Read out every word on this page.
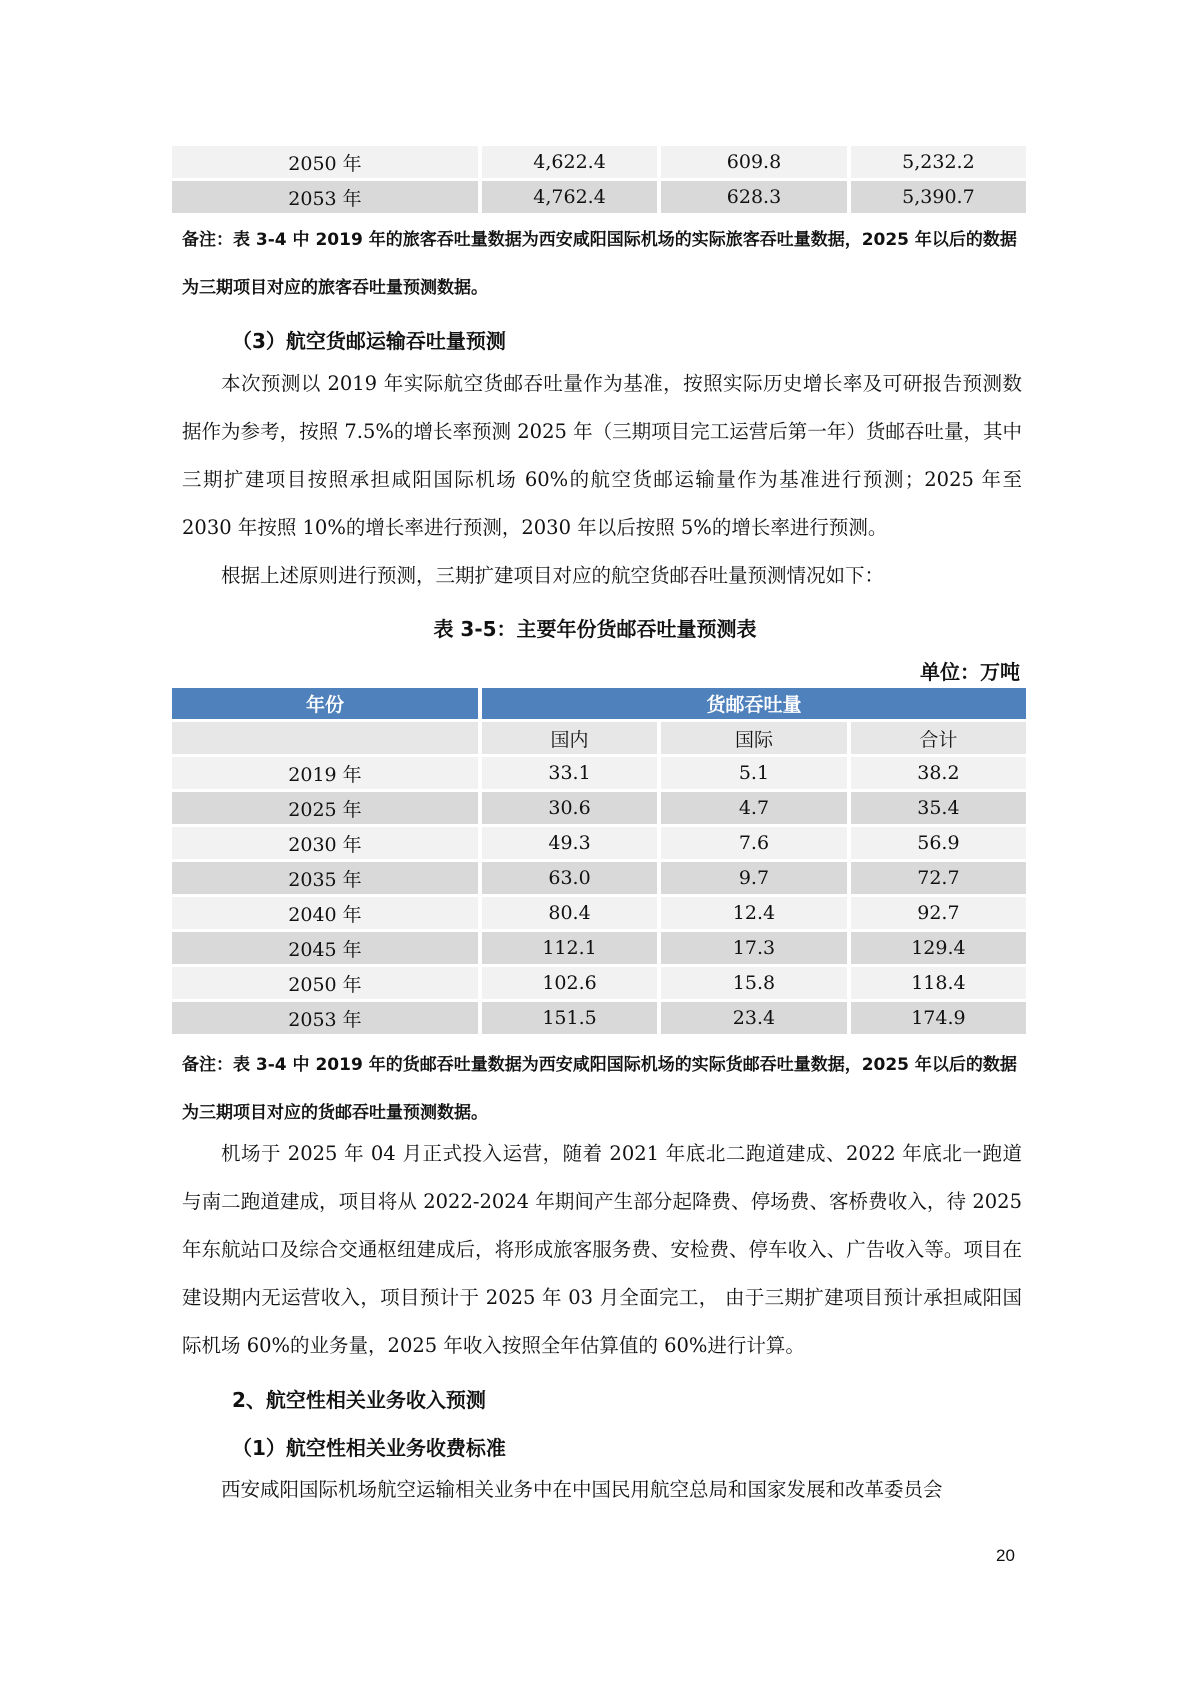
2050 年	4,622.4	609.8	5,232.2
2053 年	4,762.4	628.3	5,390.7
备注：表 3-4 中 2019 年的旅客吞吐量数据为西安咸阳国际机场的实际旅客吞吐量数据，2025 年以后的数据为三期项目对应的旅客吞吐量预测数据。
（3）航空货邮运输吞吐量预测

本次预测以 2019 年实际航空货邮吞吐量作为基准，按照实际历史增长率及可研报告预测数据作为参考，按照 7.5%的增长率预测 2025 年（三期项目完工运营后第一年）货邮吞吐量，其中三期扩建项目按照承担咸阳国际机场 60%的航空货邮运输量作为基准进行预测；2025 年至 2030 年按照 10%的增长率进行预测，2030 年以后按照 5%的增长率进行预测。

根据上述原则进行预测，三期扩建项目对应的航空货邮吞吐量预测情况如下：

表 3-5：主要年份货邮吞吐量预测表
单位：万吨
年份	货邮吞吐量		
	国内	国际	合计
2019 年	33.1	5.1	38.2
2025 年	30.6	4.7	35.4
2030 年	49.3	7.6	56.9
2035 年	63.0	9.7	72.7
2040 年	80.4	12.4	92.7
2045 年	112.1	17.3	129.4
2050 年	102.6	15.8	118.4
2053 年	151.5	23.4	174.9
备注：表 3-4 中 2019 年的货邮吞吐量数据为西安咸阳国际机场的实际货邮吞吐量数据，2025 年以后的数据为三期项目对应的货邮吞吐量预测数据。

机场于 2025 年 04 月正式投入运营，随着 2021 年底北二跑道建成、2022 年底北一跑道与南二跑道建成，项目将从 2022-2024 年期间产生部分起降费、停场费、客桥费收入，待 2025 年东航站口及综合交通枢纽建成后，将形成旅客服务费、安检费、停车收入、广告收入等。项目在建设期内无运营收入，项目预计于 2025 年 03 月全面完工， 由于三期扩建项目预计承担咸阳国际机场 60%的业务量，2025 年收入按照全年估算值的 60%进行计算。

2、航空性相关业务收入预测
（1）航空性相关业务收费标准

西安咸阳国际机场航空运输相关业务中在中国民用航空总局和国家发展和改革委员会

20
